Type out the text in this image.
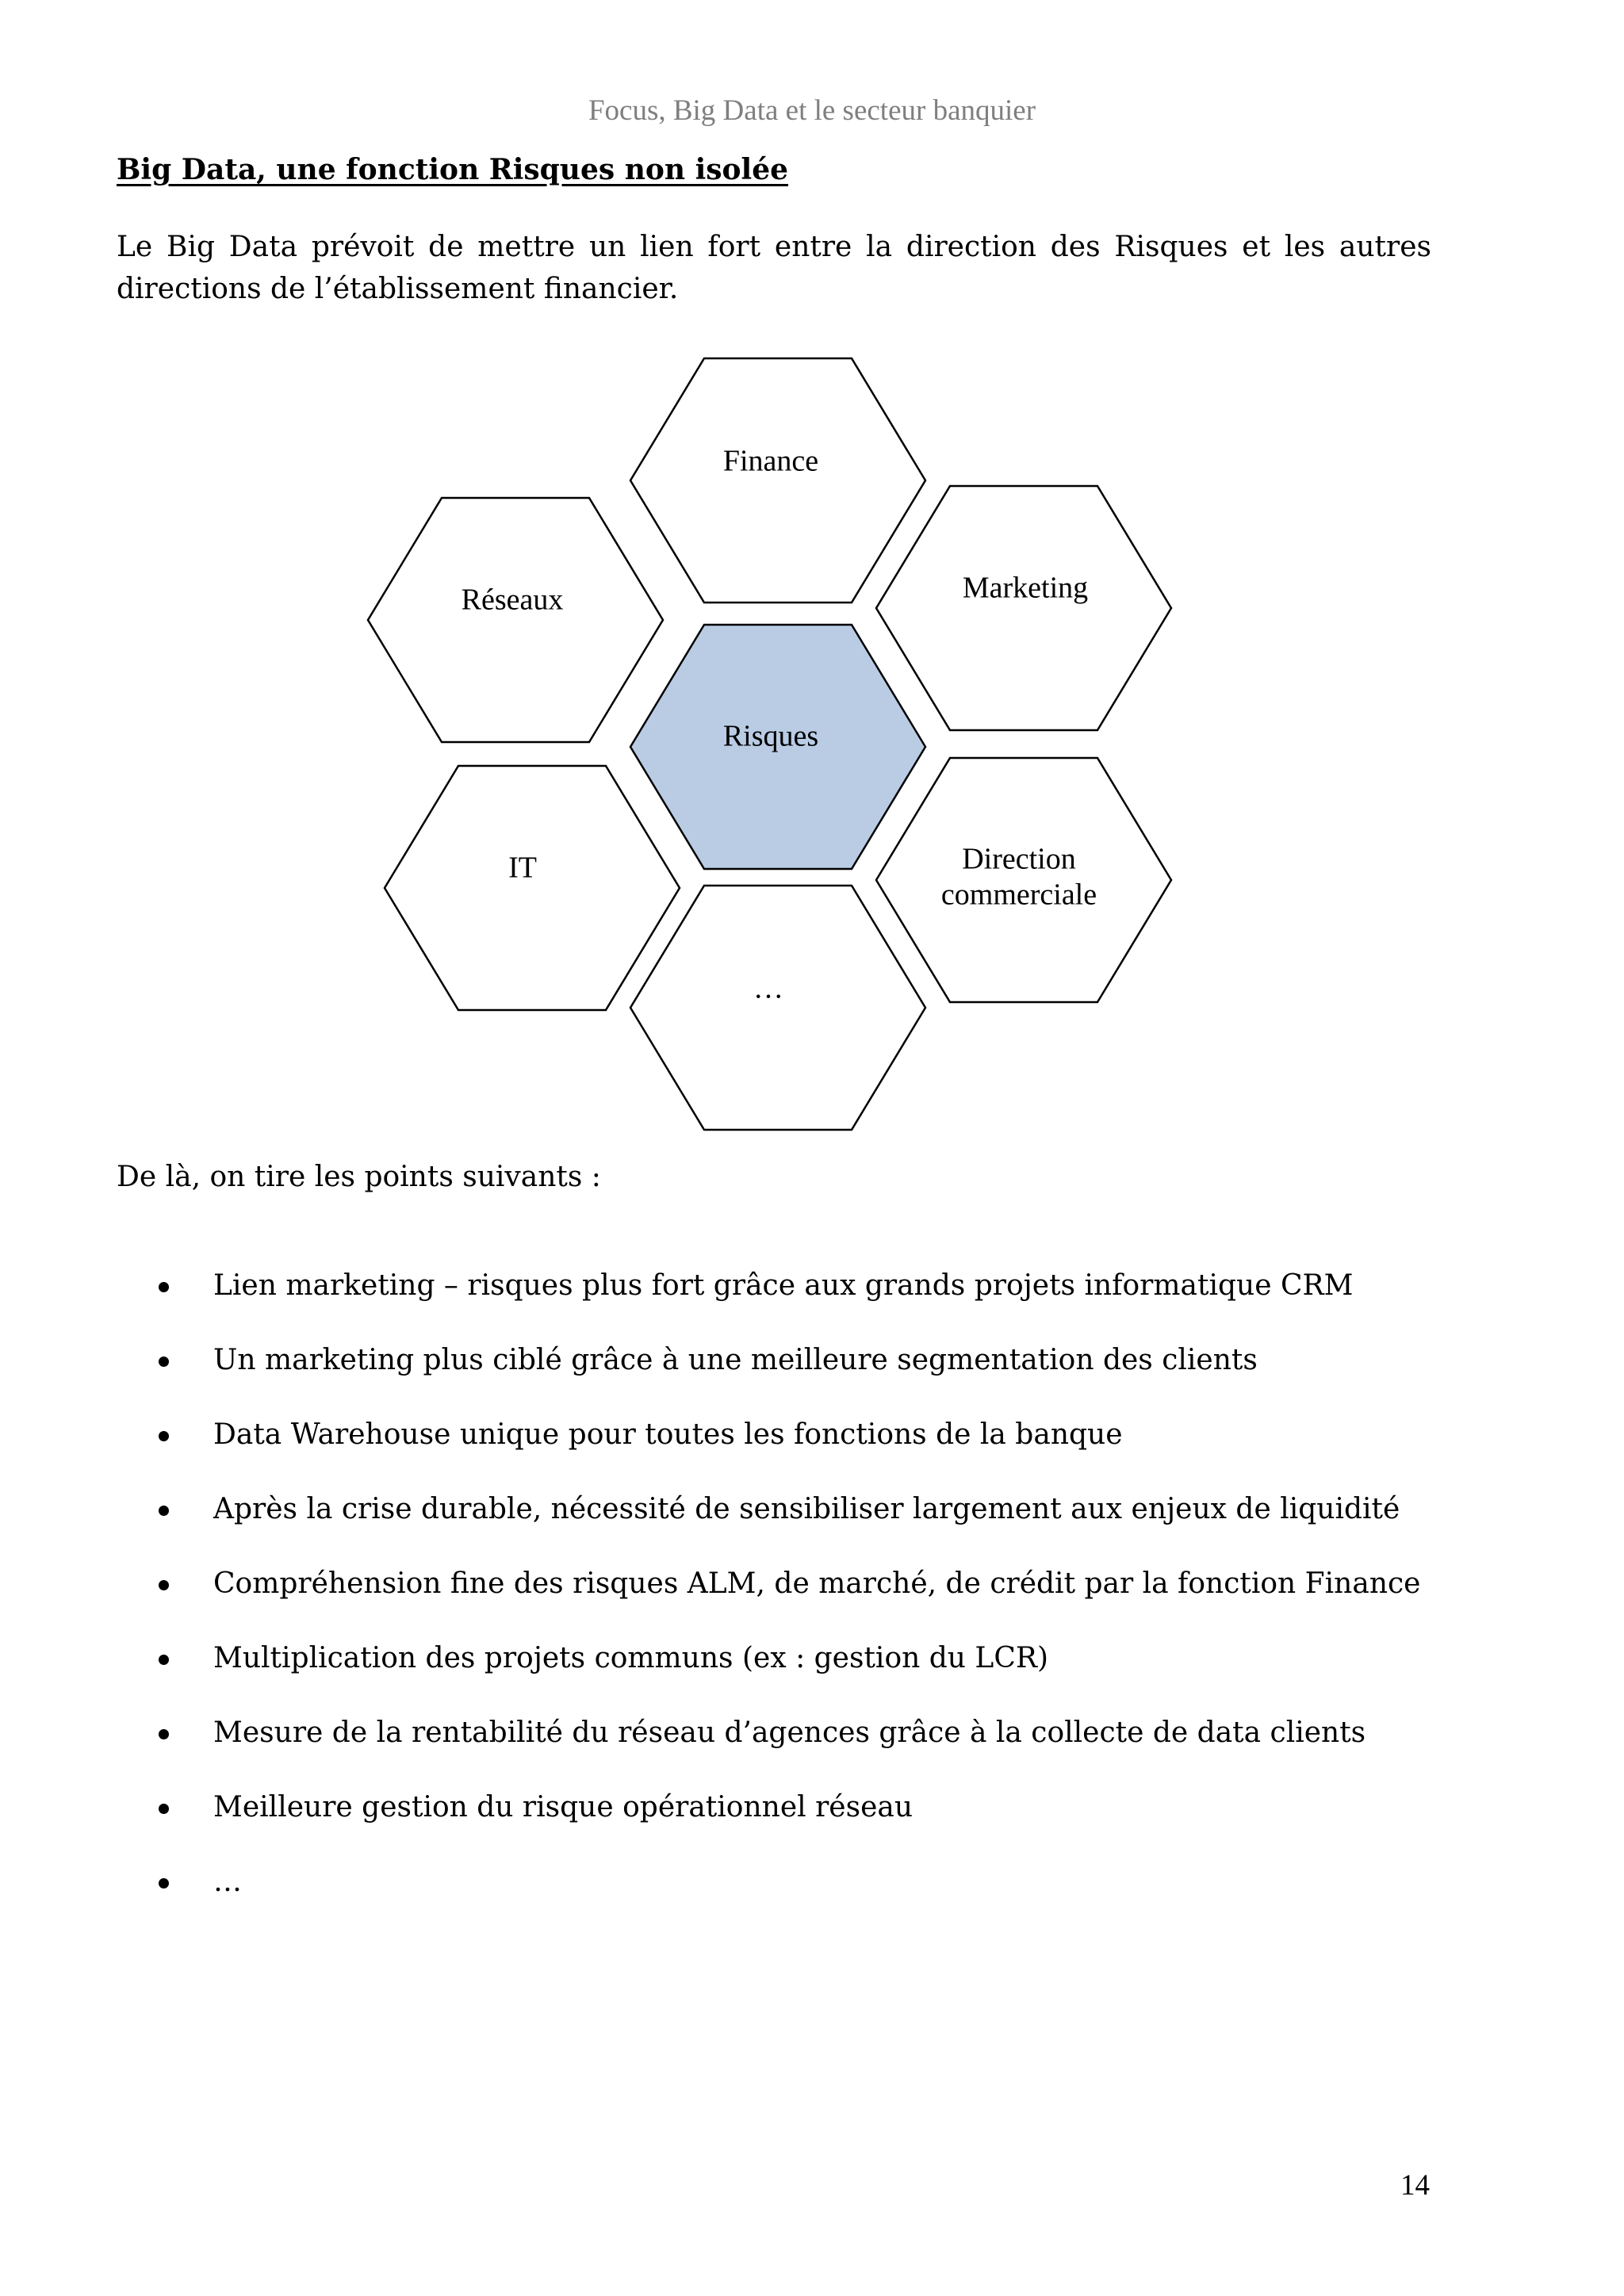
Focus, Big Data et le secteur banquier
Big Data, une fonction Risques non isolée

Le Big Data prévoit de mettre un lien fort entre la direction des Risques et les autres directions de l’établissement financier.

Risques
Finance
Marketing
Direction
commerciale
…
IT
Réseaux
De là, on tire les points suivants :
Lien marketing – risques plus fort grâce aux grands projets informatique CRM
Un marketing plus ciblé grâce à une meilleure segmentation des clients
Data Warehouse unique pour toutes les fonctions de la banque
Après la crise durable, nécessité de sensibiliser largement aux enjeux de liquidité
Compréhension fine des risques ALM, de marché, de crédit par la fonction Finance
Multiplication des projets communs (ex : gestion du LCR)
Mesure de la rentabilité du réseau d’agences grâce à la collecte de data clients
Meilleure gestion du risque opérationnel réseau
…
14
